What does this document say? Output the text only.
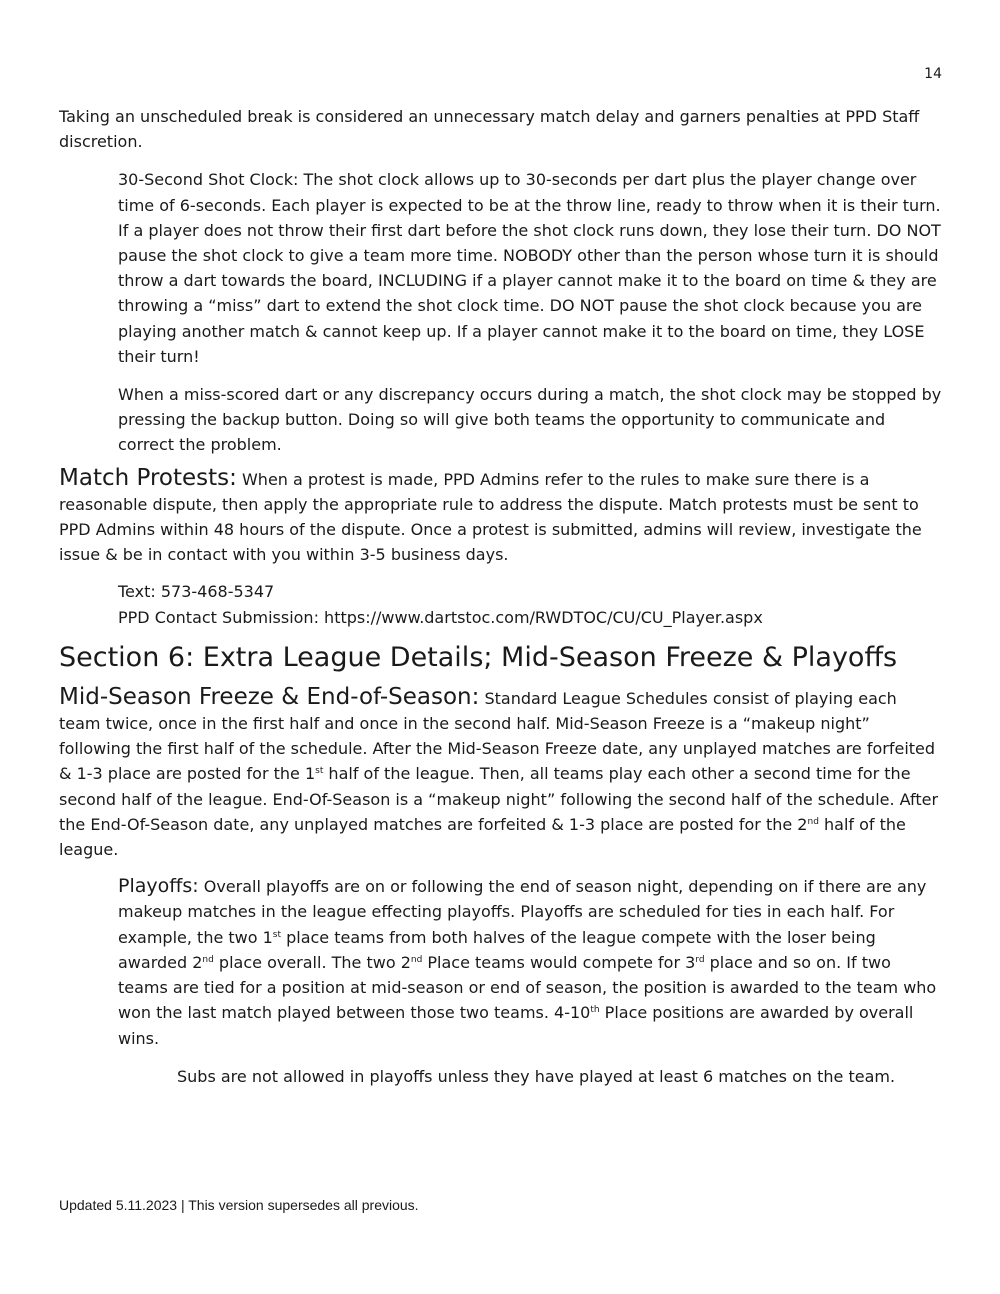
14

Taking an unscheduled break is considered an unnecessary match delay and garners penalties at PPD Staff discretion.

30-Second Shot Clock: The shot clock allows up to 30-seconds per dart plus the player change over time of 6-seconds. Each player is expected to be at the throw line, ready to throw when it is their turn. If a player does not throw their first dart before the shot clock runs down, they lose their turn. DO NOT pause the shot clock to give a team more time. NOBODY other than the person whose turn it is should throw a dart towards the board, INCLUDING if a player cannot make it to the board on time & they are throwing a “miss” dart to extend the shot clock time. DO NOT pause the shot clock because you are playing another match & cannot keep up. If a player cannot make it to the board on time, they LOSE their turn!

When a miss-scored dart or any discrepancy occurs during a match, the shot clock may be stopped by pressing the backup button. Doing so will give both teams the opportunity to communicate and correct the problem.

Match Protests: When a protest is made, PPD Admins refer to the rules to make sure there is a reasonable dispute, then apply the appropriate rule to address the dispute. Match protests must be sent to PPD Admins within 48 hours of the dispute. Once a protest is submitted, admins will review, investigate the issue & be in contact with you within 3-5 business days.

Text: 573-468-5347

PPD Contact Submission: https://www.dartstoc.com/RWDTOC/CU/CU_Player.aspx

Section 6: Extra League Details; Mid-Season Freeze & Playoffs

Mid-Season Freeze & End-of-Season: Standard League Schedules consist of playing each team twice, once in the first half and once in the second half. Mid-Season Freeze is a “makeup night” following the first half of the schedule. After the Mid-Season Freeze date, any unplayed matches are forfeited & 1-3 place are posted for the 1st half of the league. Then, all teams play each other a second time for the second half of the league. End-Of-Season is a “makeup night” following the second half of the schedule. After the End-Of-Season date, any unplayed matches are forfeited & 1-3 place are posted for the 2nd half of the league.

Playoffs: Overall playoffs are on or following the end of season night, depending on if there are any makeup matches in the league effecting playoffs. Playoffs are scheduled for ties in each half. For example, the two 1st place teams from both halves of the league compete with the loser being awarded 2nd place overall. The two 2nd Place teams would compete for 3rd place and so on. If two teams are tied for a position at mid-season or end of season, the position is awarded to the team who won the last match played between those two teams. 4-10th Place positions are awarded by overall wins.

Subs are not allowed in playoffs unless they have played at least 6 matches on the team.

Updated 5.11.2023 | This version supersedes all previous.
